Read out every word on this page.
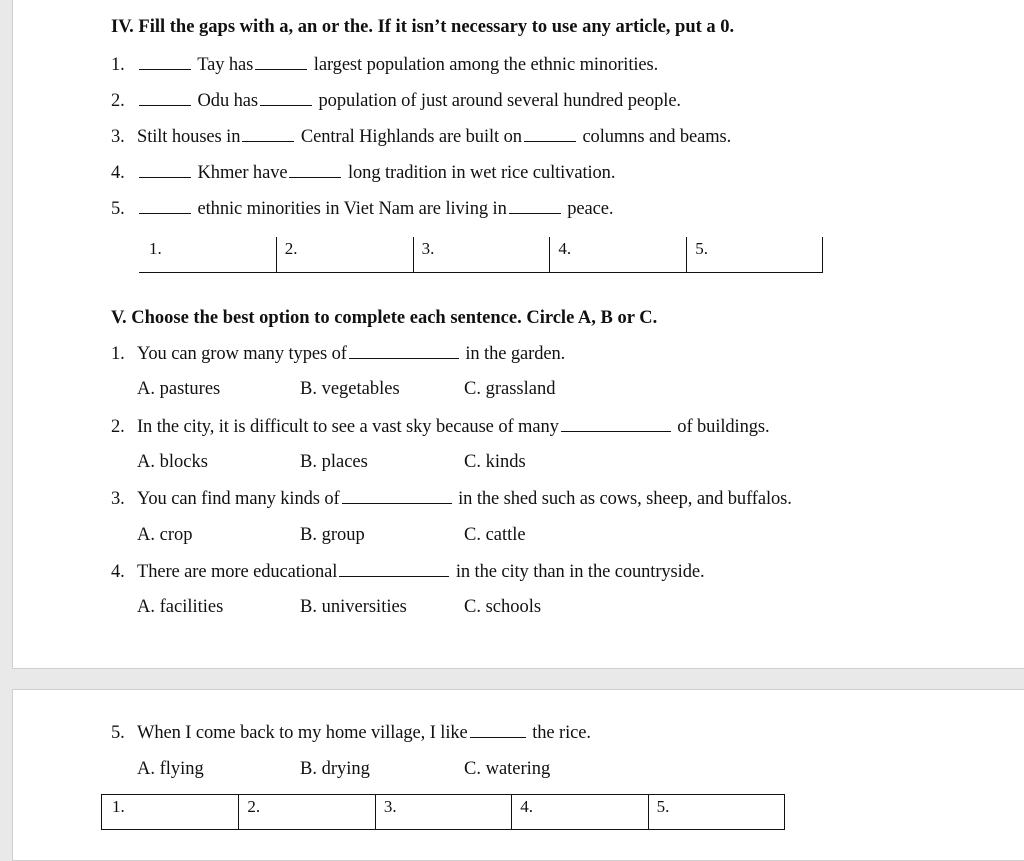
IV. Fill the gaps with a, an or the. If it isn’t necessary to use any article, put a 0.
1.	Tay has	largest population among the ethnic minorities.
2.	Odu has	population of just around several hundred people.
3. Stilt houses in	Central Highlands are built on	columns and beams.
4.	Khmer have	long tradition in wet rice cultivation.
5.	ethnic minorities in Viet Nam are living in	peace.
1.	2.	3.	4.	5.
V. Choose the best option to complete each sentence. Circle A, B or C.
1. You can grow many types of	in the garden.
A. pastures	B. vegetables	C. grassland
2. In the city, it is difficult to see a vast sky because of many	of buildings.
A. blocks	B. places	C. kinds
3. You can find many kinds of	in the shed such as cows, sheep, and buffalos.
A. crop	B. group	C. cattle
4. There are more educational	in the city than in the countryside.
A. facilities	B. universities	C. schools
5. When I come back to my home village, I like	the rice.
A. flying	B. drying	C. watering
1.	2.	3.	4.	5.
